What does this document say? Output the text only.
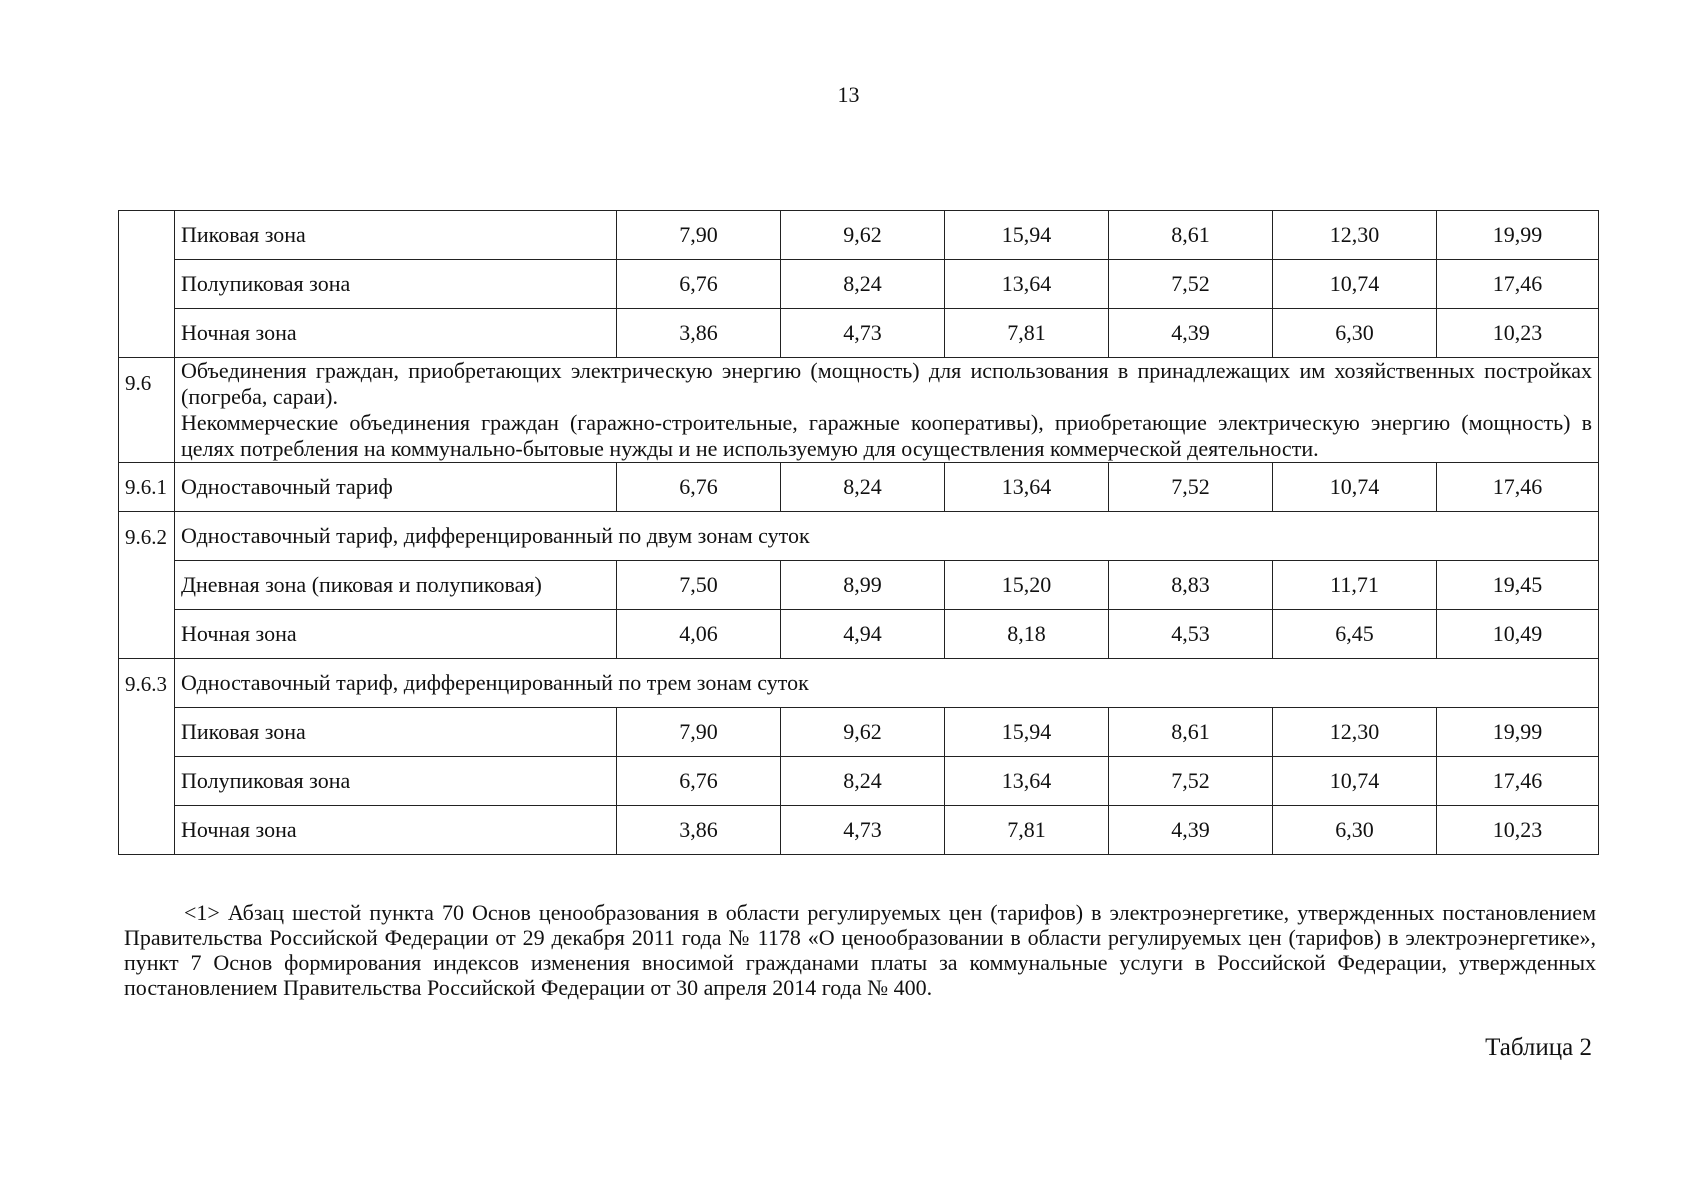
13
	Пиковая зона	7,90	9,62	15,94	8,61	12,30	19,99
	Полупиковая зона	6,76	8,24	13,64	7,52	10,74	17,46
	Ночная зона	3,86	4,73	7,81	4,39	6,30	10,23
9.6	Объединения граждан, приобретающих электрическую энергию (мощность) для использования в принадлежащих им хозяйственных постройках (погреба, сараи).

Некоммерческие объединения граждан (гаражно-строительные, гаражные кооперативы), приобретающие электрическую энергию (мощность) в целях потребления на коммунально-бытовые нужды и не используемую для осуществления коммерческой деятельности.						

9.6.1	Одноставочный тариф	6,76	8,24	13,64	7,52	10,74	17,46
9.6.2	Одноставочный тариф, дифференцированный по двум зонам суток						
	Дневная зона (пиковая и полупиковая)	7,50	8,99	15,20	8,83	11,71	19,45
	Ночная зона	4,06	4,94	8,18	4,53	6,45	10,49
9.6.3	Одноставочный тариф, дифференцированный по трем зонам суток						
	Пиковая зона	7,90	9,62	15,94	8,61	12,30	19,99
	Полупиковая зона	6,76	8,24	13,64	7,52	10,74	17,46
	Ночная зона	3,86	4,73	7,81	4,39	6,30	10,23
<1> Абзац шестой пункта 70 Основ ценообразования в области регулируемых цен (тарифов) в электроэнергетике, утвержденных постановлением Правительства Российской Федерации от 29 декабря 2011 года № 1178 «О ценообразовании в области регулируемых цен (тарифов) в электроэнергетике», пункт 7 Основ формирования индексов изменения вносимой гражданами платы за коммунальные услуги в Российской Федерации, утвержденных постановлением Правительства Российской Федерации от 30 апреля 2014 года № 400.
Таблица 2
